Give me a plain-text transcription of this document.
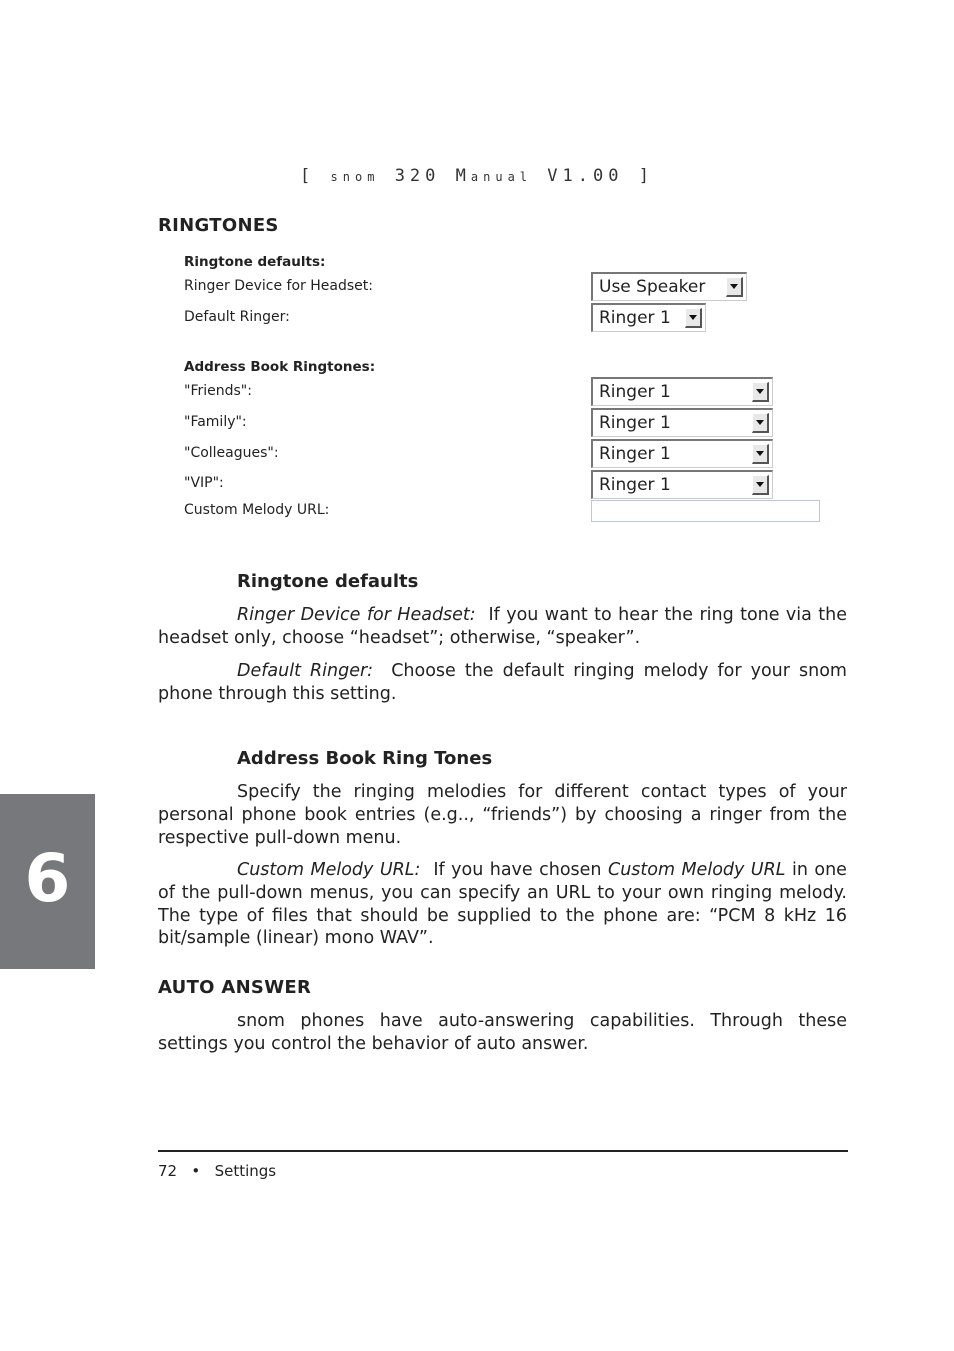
[ snom 320 Manual V1.00 ]
RINGTONES
Ringtone defaults:
Ringer Device for Headset:	Use Speaker
Default Ringer:	Ringer 1
Address Book Ringtones:
"Friends":	Ringer 1
"Family":	Ringer 1
"Colleagues":	Ringer 1
"VIP":	Ringer 1
Custom Melody URL:
Ringtone defaults
Ringer Device for Headset: If you want to hear the ring tone via the headset only, choose “headset”; otherwise, “speaker”.
Default Ringer: Choose the default ringing melody for your snom phone through this setting.
Address Book Ring Tones
Specify the ringing melodies for different contact types of your personal phone book entries (e.g.., “friends”) by choosing a ringer from the respective pull-down menu.
Custom Melody URL: If you have chosen Custom Melody URL in one of the pull-down menus, you can specify an URL to your own ringing melody. The type of files that should be supplied to the phone are: “PCM 8 kHz 16 bit/sample (linear) mono WAV”.
AUTO ANSWER
snom phones have auto-answering capabilities. Through these settings you control the behavior of auto answer.
6
72 • Settings
